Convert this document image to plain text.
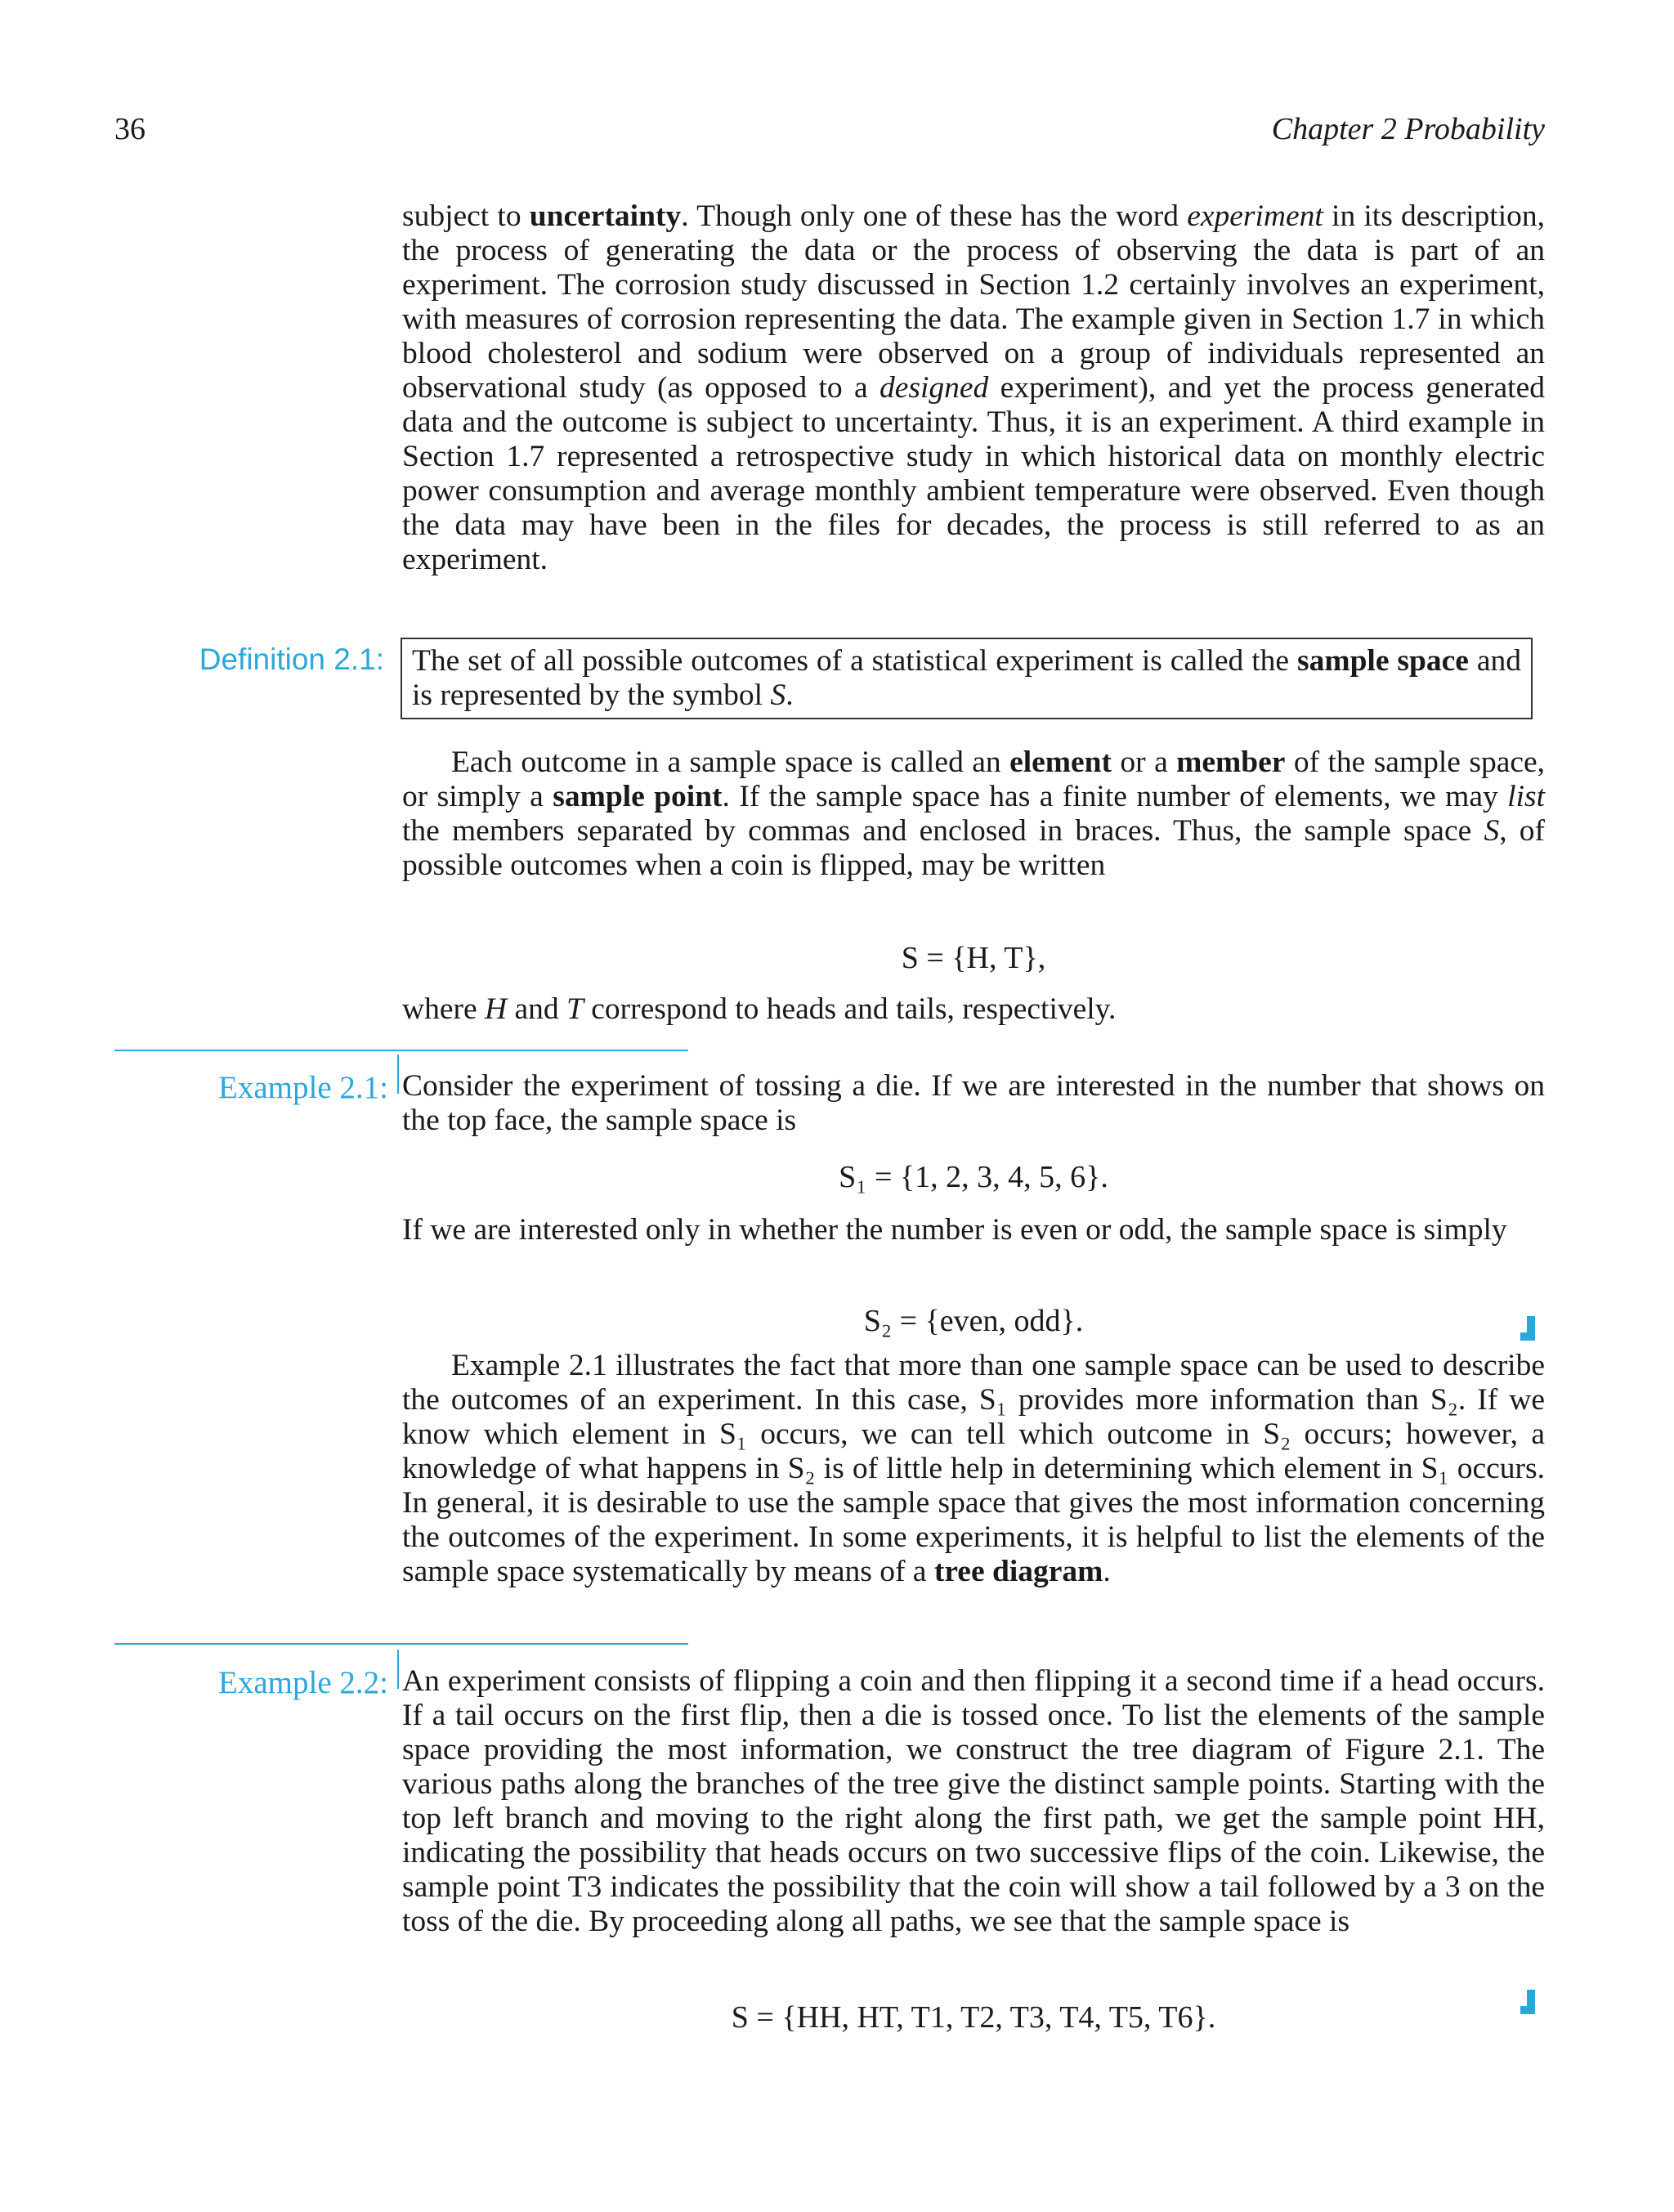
36	Chapter 2 Probability

subject to uncertainty. Though only one of these has the word experiment in its description, the process of generating the data or the process of observing the data is part of an experiment. The corrosion study discussed in Section 1.2 certainly involves an experiment, with measures of corrosion representing the data. The example given in Section 1.7 in which blood cholesterol and sodium were observed on a group of individuals represented an observational study (as opposed to a designed experiment), and yet the process generated data and the outcome is subject to uncertainty. Thus, it is an experiment. A third example in Section 1.7 represented a retrospective study in which historical data on monthly electric power consumption and average monthly ambient temperature were observed. Even though the data may have been in the files for decades, the process is still referred to as an experiment.

Definition 2.1: The set of all possible outcomes of a statistical experiment is called the sample space and is represented by the symbol S.

Each outcome in a sample space is called an element or a member of the sample space, or simply a sample point. If the sample space has a finite number of elements, we may list the members separated by commas and enclosed in braces. Thus, the sample space S, of possible outcomes when a coin is flipped, may be written

S = {H, T},

where H and T correspond to heads and tails, respectively.

Example 2.1: Consider the experiment of tossing a die. If we are interested in the number that shows on the top face, the sample space is

S₁ = {1, 2, 3, 4, 5, 6}.

If we are interested only in whether the number is even or odd, the sample space is simply

S₂ = {even, odd}.

Example 2.1 illustrates the fact that more than one sample space can be used to describe the outcomes of an experiment. In this case, S₁ provides more information than S₂. If we know which element in S₁ occurs, we can tell which outcome in S₂ occurs; however, a knowledge of what happens in S₂ is of little help in determining which element in S₁ occurs. In general, it is desirable to use the sample space that gives the most information concerning the outcomes of the experiment. In some experiments, it is helpful to list the elements of the sample space systematically by means of a tree diagram.

Example 2.2: An experiment consists of flipping a coin and then flipping it a second time if a head occurs. If a tail occurs on the first flip, then a die is tossed once. To list the elements of the sample space providing the most information, we construct the tree diagram of Figure 2.1. The various paths along the branches of the tree give the distinct sample points. Starting with the top left branch and moving to the right along the first path, we get the sample point HH, indicating the possibility that heads occurs on two successive flips of the coin. Likewise, the sample point T3 indicates the possibility that the coin will show a tail followed by a 3 on the toss of the die. By proceeding along all paths, we see that the sample space is

S = {HH, HT, T1, T2, T3, T4, T5, T6}.
